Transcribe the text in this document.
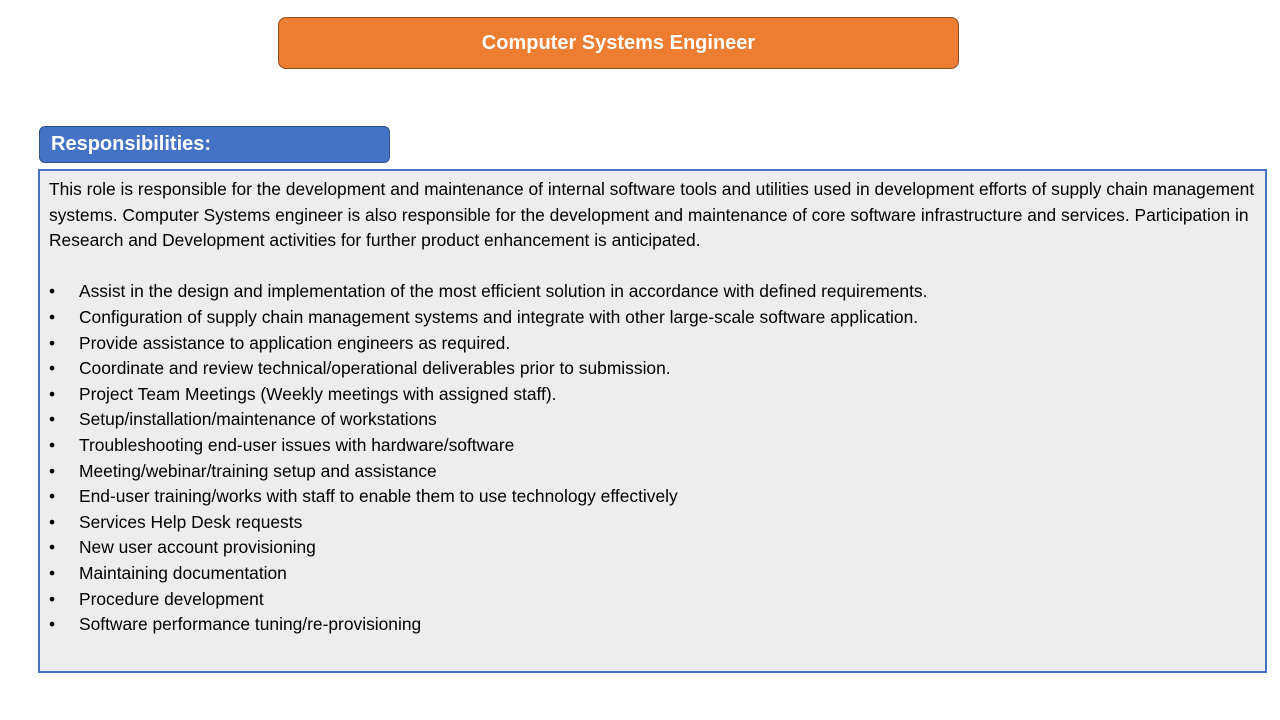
Computer Systems Engineer
Responsibilities:

This role is responsible for the development and maintenance of internal software tools and utilities used in development efforts of supply chain management systems. Computer Systems engineer is also responsible for the development and maintenance of core software infrastructure and services. Participation in Research and Development activities for further product enhancement is anticipated.

•	Assist in the design and implementation of the most efficient solution in accordance with defined requirements.
•	Configuration of supply chain management systems and integrate with other large-scale software application.
•	Provide assistance to application engineers as required.
•	Coordinate and review technical/operational deliverables prior to submission.
•	Project Team Meetings (Weekly meetings with assigned staff).
•	Setup/installation/maintenance of workstations
•	Troubleshooting end-user issues with hardware/software
•	Meeting/webinar/training setup and assistance
•	End-user training/works with staff to enable them to use technology effectively
•	Services Help Desk requests
•	New user account provisioning
•	Maintaining documentation
•	Procedure development
•	Software performance tuning/re-provisioning
